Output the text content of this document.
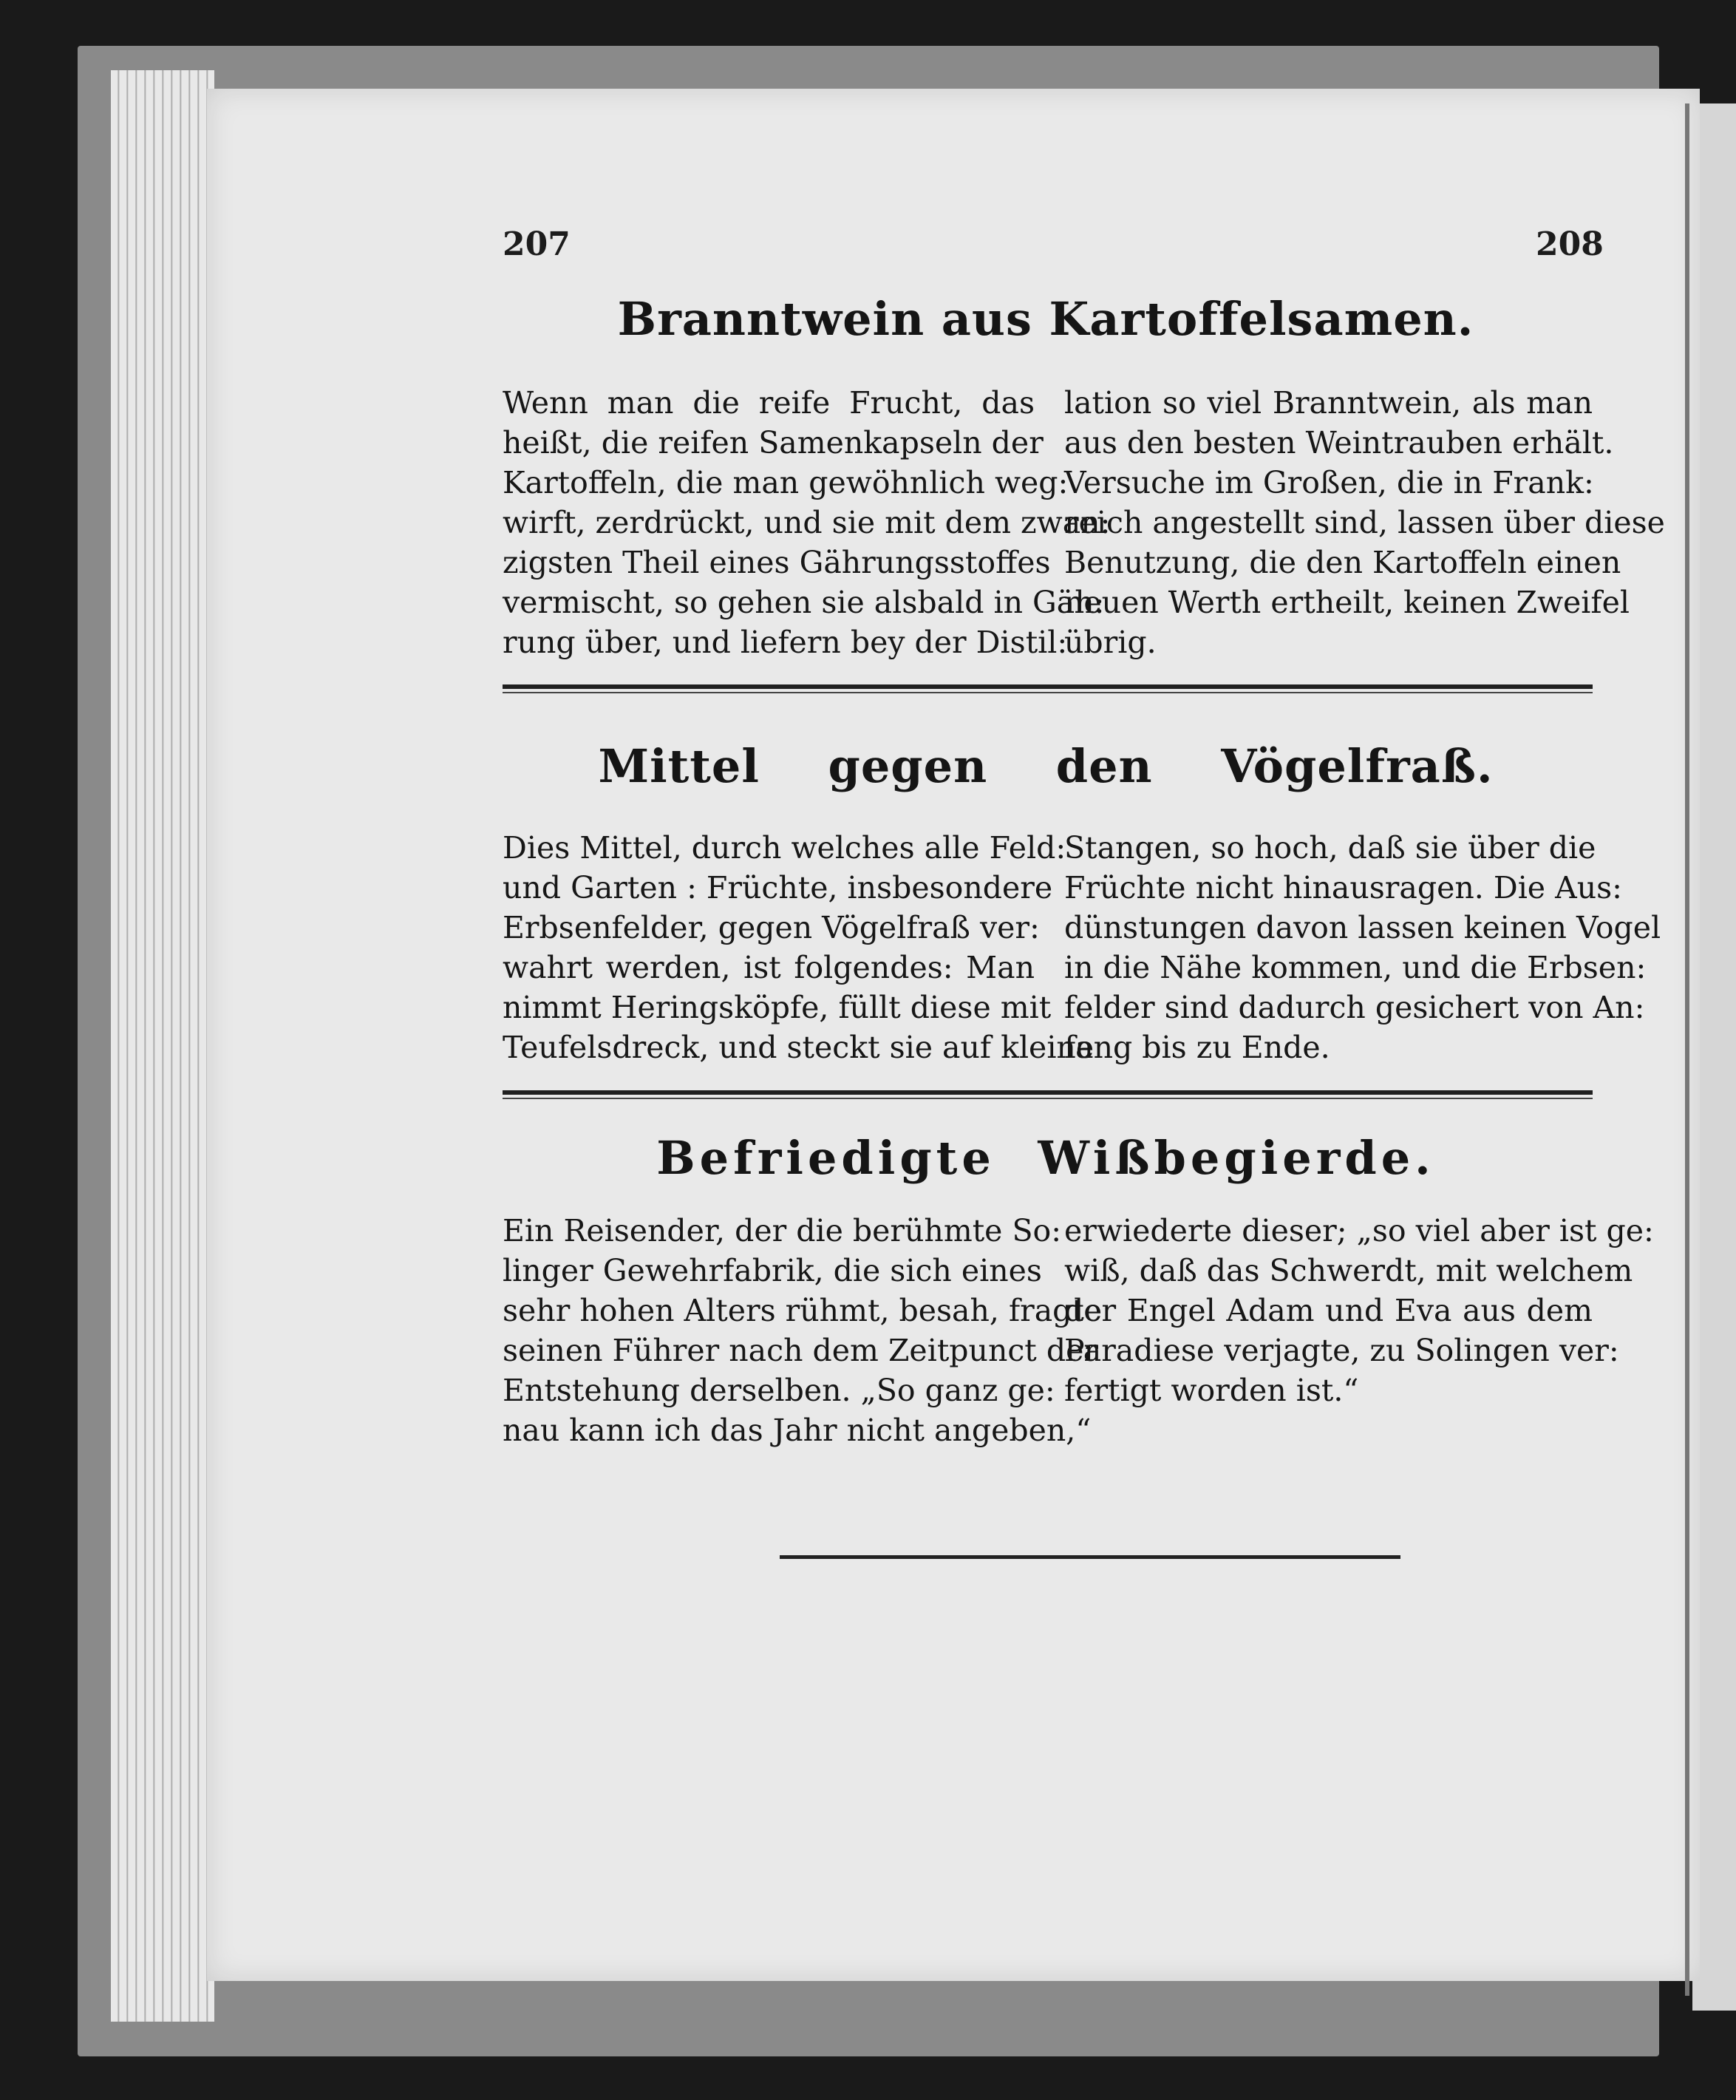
207	208
Branntwein aus Kartoffelsamen.
Wenn man die reife Frucht, das
heißt, die reifen Samenkapseln der
Kartoffeln, die man gewöhnlich weg:
wirft, zerdrückt, und sie mit dem zwan:
zigsten Theil eines Gährungsstoffes
vermischt, so gehen sie alsbald in Gäh:
rung über, und liefern bey der Distil:
lation so viel Branntwein, als man
aus den besten Weintrauben erhält.
Versuche im Großen, die in Frank:
reich angestellt sind, lassen über diese
Benutzung, die den Kartoffeln einen
neuen Werth ertheilt, keinen Zweifel
übrig.
Mittel gegen den Vögelfraß.
Dies Mittel, durch welches alle Feld:
und Garten : Früchte, insbesondere
Erbsenfelder, gegen Vögelfraß ver:
wahrt werden, ist folgendes: Man
nimmt Heringsköpfe, füllt diese mit
Teufelsdreck, und steckt sie auf kleine
Stangen, so hoch, daß sie über die
Früchte nicht hinausragen. Die Aus:
dünstungen davon lassen keinen Vogel
in die Nähe kommen, und die Erbsen:
felder sind dadurch gesichert von An:
fang bis zu Ende.
Befriedigte Wißbegierde.
Ein Reisender, der die berühmte So:
linger Gewehrfabrik, die sich eines
sehr hohen Alters rühmt, besah, fragte
seinen Führer nach dem Zeitpunct der
Entstehung derselben. „So ganz ge:
nau kann ich das Jahr nicht angeben,“
erwiederte dieser; „so viel aber ist ge:
wiß, daß das Schwerdt, mit welchem
der Engel Adam und Eva aus dem
Paradiese verjagte, zu Solingen ver:
fertigt worden ist.“
